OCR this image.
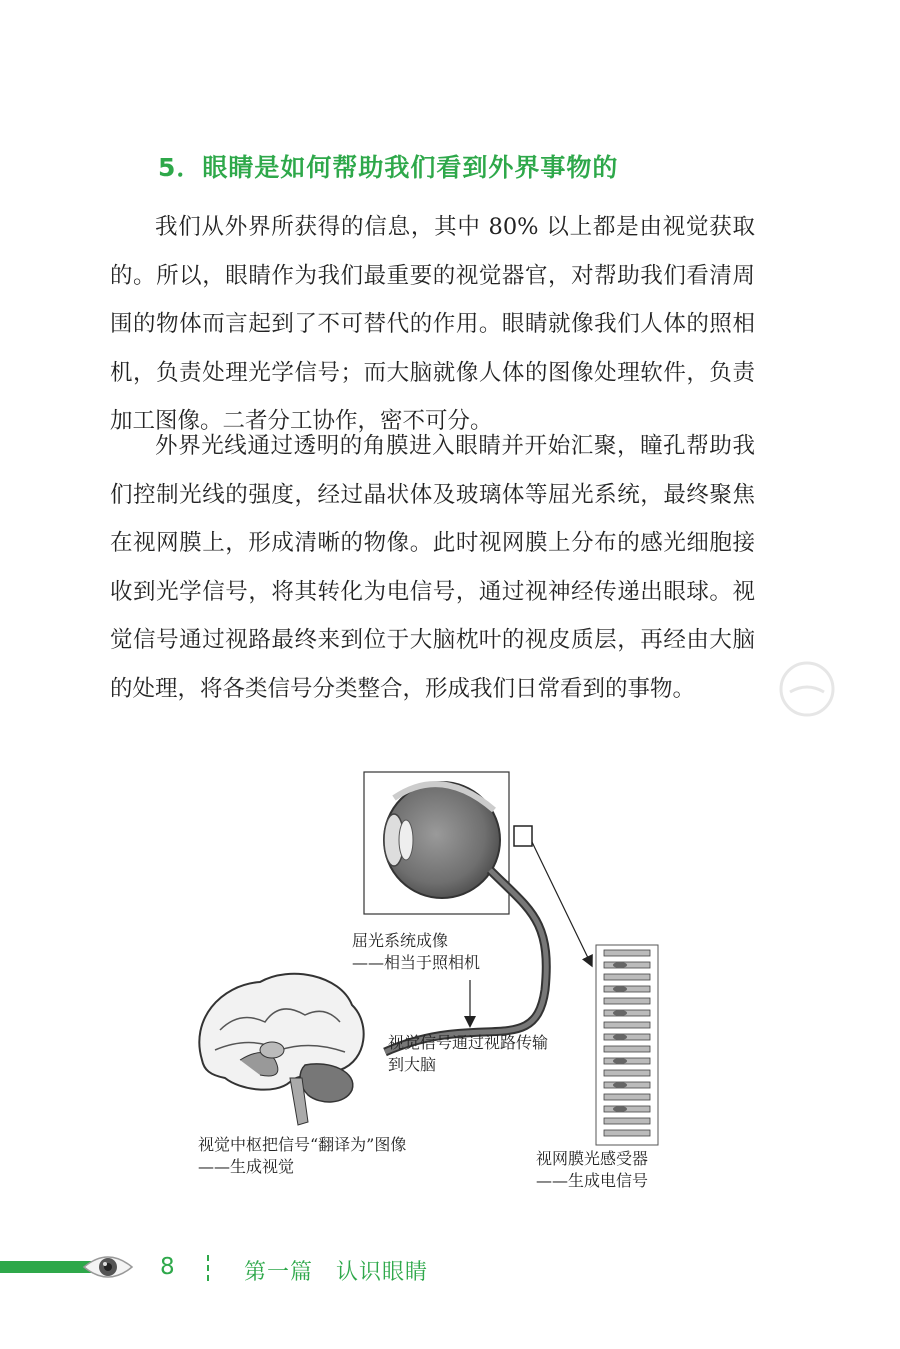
5．眼睛是如何帮助我们看到外界事物的

我们从外界所获得的信息，其中 80% 以上都是由视觉获取的。所以，眼睛作为我们最重要的视觉器官，对帮助我们看清周围的物体而言起到了不可替代的作用。眼睛就像我们人体的照相机，负责处理光学信号；而大脑就像人体的图像处理软件，负责加工图像。二者分工协作，密不可分。

外界光线通过透明的角膜进入眼睛并开始汇聚，瞳孔帮助我们控制光线的强度，经过晶状体及玻璃体等屈光系统，最终聚焦在视网膜上，形成清晰的物像。此时视网膜上分布的感光细胞接收到光学信号，将其转化为电信号，通过视神经传递出眼球。视觉信号通过视路最终来到位于大脑枕叶的视皮质层，再经由大脑的处理，将各类信号分类整合，形成我们日常看到的事物。

屈光系统成像
——相当于照相机
视觉信号通过视路传输
到大脑
视觉中枢把信号“翻译为”图像
——生成视觉	视网膜光感受器
——生成电信号
8	第一篇　认识眼睛
